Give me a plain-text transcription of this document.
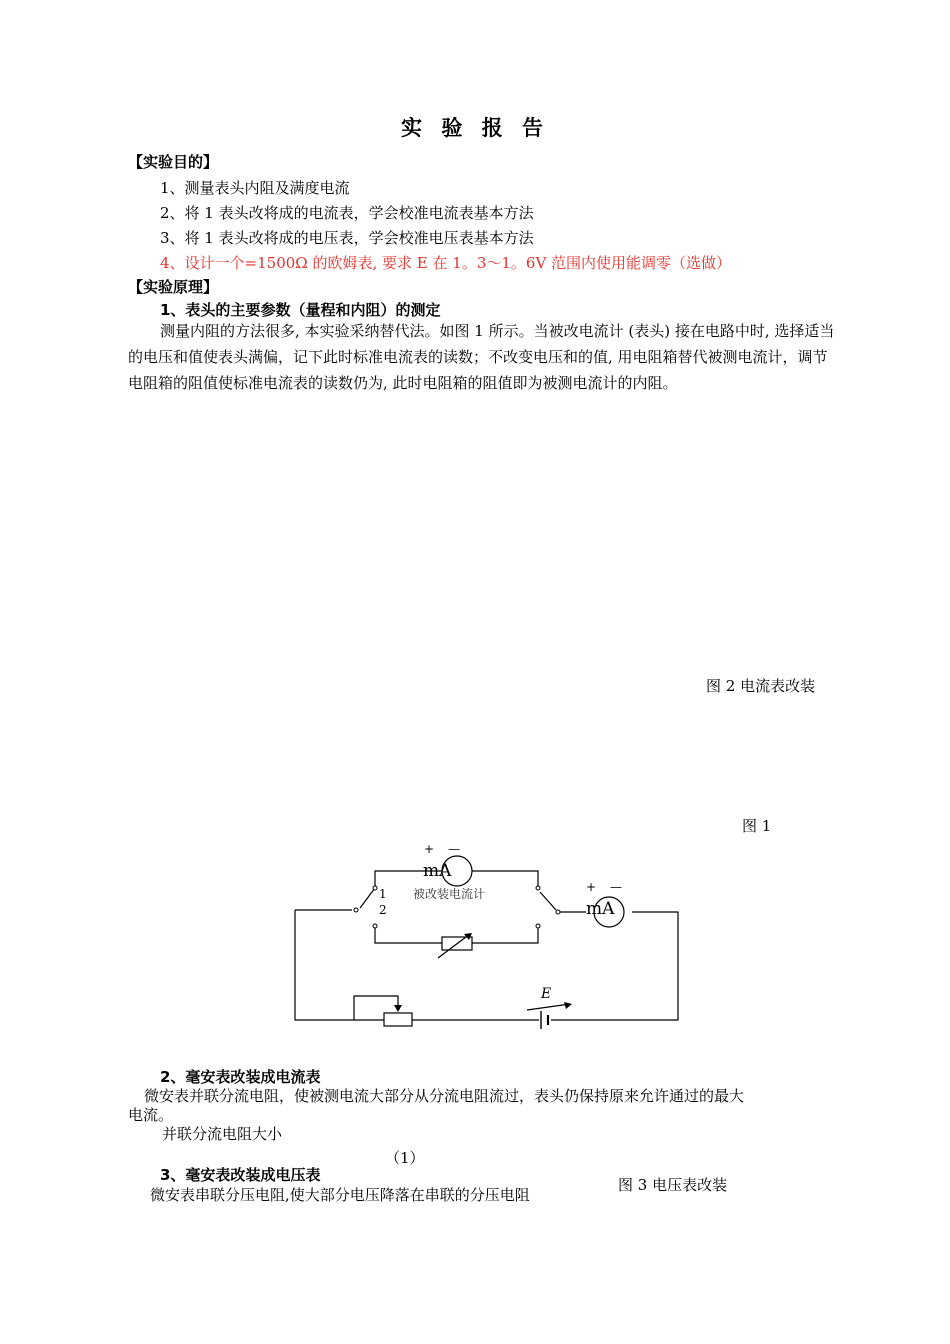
实 验 报 告
【实验目的】
1、测量表头内阻及满度电流
2、将 1 表头改将成的电流表，学会校准电流表基本方法
3、将 1 表头改将成的电压表，学会校准电压表基本方法
4、设计一个=1500Ω 的欧姆表, 要求 E 在 1。3～1。6V 范围内使用能调零（选做）
【实验原理】
1、表头的主要参数（量程和内阻）的测定
测量内阻的方法很多, 本实验采纳替代法。如图 1 所示。当被改电流计 (表头) 接在电路中时, 选择适当的电压和值使表头满偏，记下此时标准电流表的读数；不改变电压和的值, 用电阻箱替代被测电流计，调节电阻箱的阻值使标准电流表的读数仍为, 此时电阻箱的阻值即为被测电流计的内阻。
图 2 电流表改装
图 1
+ —
mA
1
2
被改装电流计	+ —
mA
E
2、毫安表改装成电流表
微安表并联分流电阻，使被测电流大部分从分流电阻流过，表头仍保持原来允许通过的最大
电流。
并联分流电阻大小
（1）
3、毫安表改装成电压表
图 3 电压表改装
微安表串联分压电阻,使大部分电压降落在串联的分压电阻
